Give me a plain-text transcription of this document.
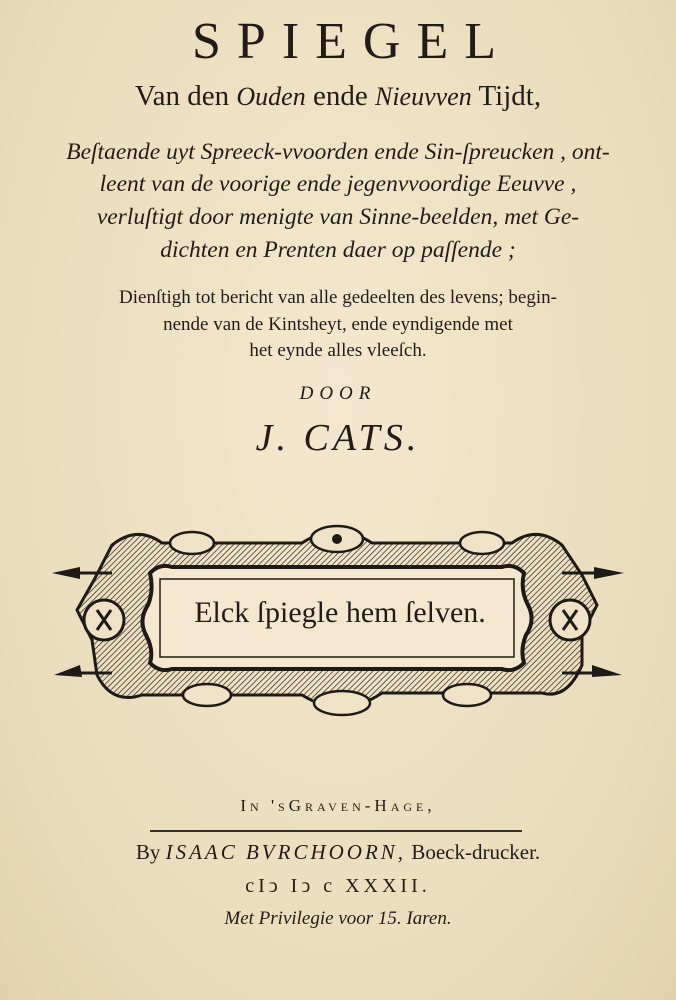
SPIEGEL
Van den Ouden ende Nieuvven Tijdt,
Beſtaende uyt Spreeck-vvoorden ende Sin-ſpreucken , ont-
leent van de voorige ende jegenvvoordige Eeuvve ,
verluſtigt door menigte van Sinne-beelden, met Ge-
dichten en Prenten daer op paſſende ;
Dienſtigh tot bericht van alle gedeelten des levens; begin-
nende van de Kintsheyt, ende eyndigende met
het eynde alles vleeſch.
DOOR
J. CATS.
Elck ſpiegle hem ſelven.
In 'sGraven-Hage,
By ISAAC BVRCHOORN, Boeck-drucker.
cIↄ Iↄ c XXXII.
Met Privilegie voor 15. Iaren.
